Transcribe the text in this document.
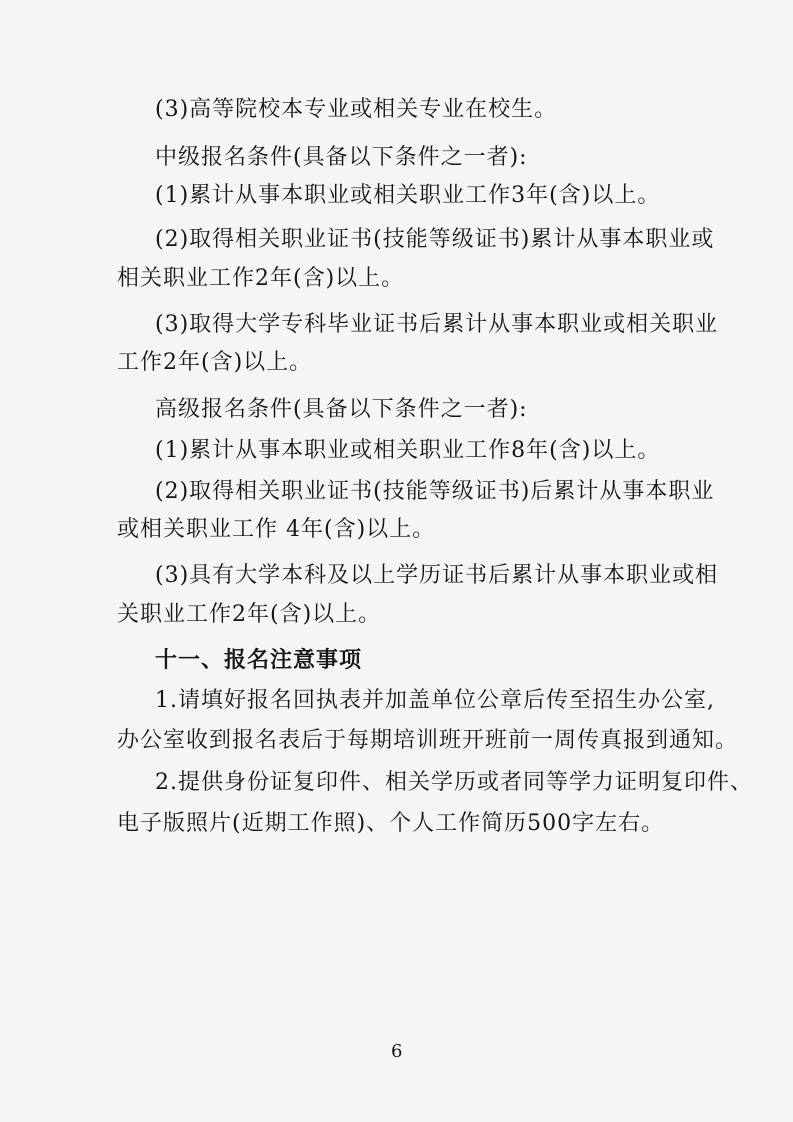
(3)高等院校本专业或相关专业在校生。
中级报名条件(具备以下条件之一者):
(1)累计从事本职业或相关职业工作3年(含)以上。
(2)取得相关职业证书(技能等级证书)累计从事本职业或
相关职业工作2年(含)以上。
(3)取得大学专科毕业证书后累计从事本职业或相关职业
工作2年(含)以上。
高级报名条件(具备以下条件之一者):
(1)累计从事本职业或相关职业工作8年(含)以上。
(2)取得相关职业证书(技能等级证书)后累计从事本职业
或相关职业工作 4年(含)以上。
(3)具有大学本科及以上学历证书后累计从事本职业或相
关职业工作2年(含)以上。
十一、报名注意事项
1.请填好报名回执表并加盖单位公章后传至招生办公室,
办公室收到报名表后于每期培训班开班前一周传真报到通知。
2.提供身份证复印件、相关学历或者同等学力证明复印件、
电子版照片(近期工作照)、个人工作简历500字左右。
6
